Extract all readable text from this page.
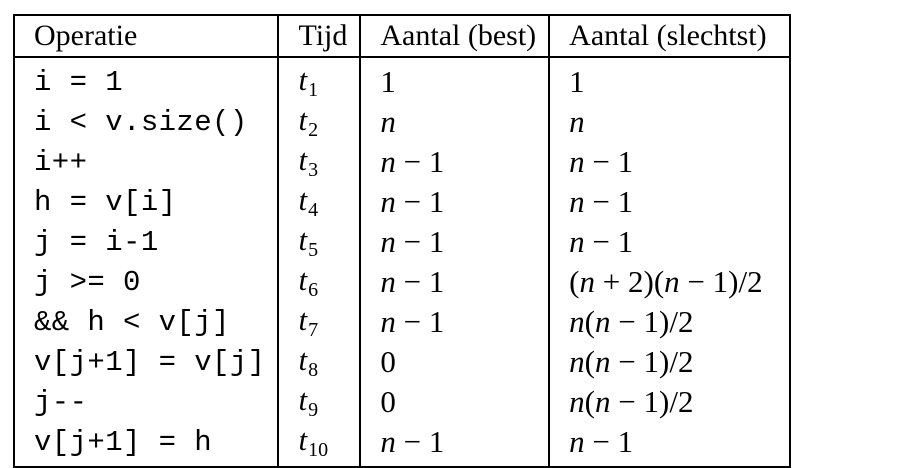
Operatie	Tijd	Aantal (best)	Aantal (slechtst)
i = 1	$t_1$	1	1
i < v.size()	$t_2$	n	n
i++	$t_3$	n − 1	n − 1
h = v[i]	$t_4$	n − 1	n − 1
j = i-1	$t_5$	n − 1	n − 1
j >= 0	$t_6$	n − 1	(n + 2)(n − 1)/2
&& h < v[j]	$t_7$	n − 1	n(n − 1)/2
v[j+1] = v[j]	$t_8$	0	n(n − 1)/2
j--	$t_9$	0	n(n − 1)/2
v[j+1] = h	$t_{10}$	n − 1	n − 1
